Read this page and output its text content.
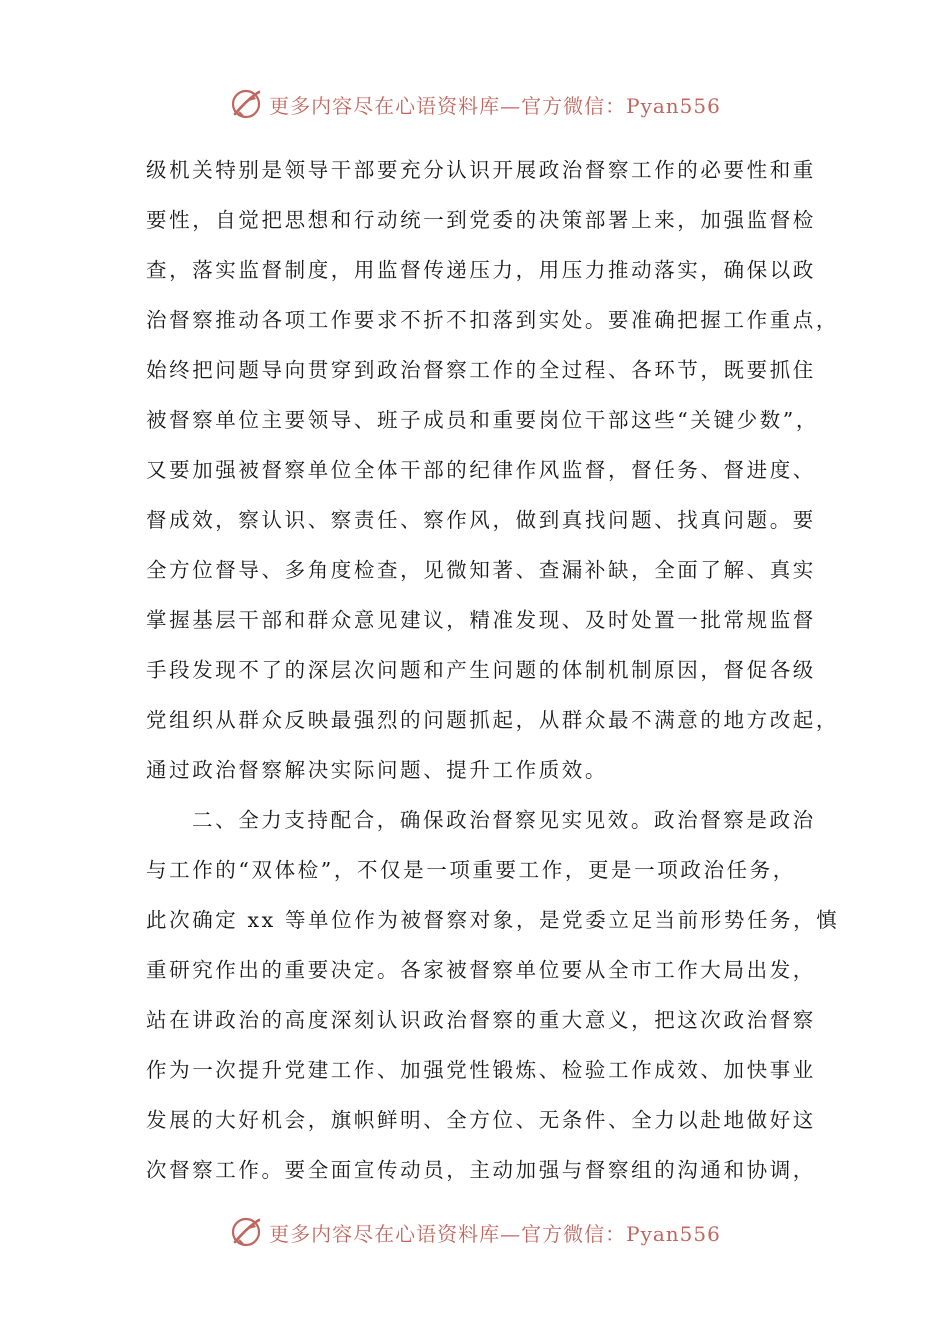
更多内容尽在心语资料库—官方微信：Pyan556
级机关特别是领导干部要充分认识开展政治督察工作的必要性和重
要性，自觉把思想和行动统一到党委的决策部署上来，加强监督检
查，落实监督制度，用监督传递压力，用压力推动落实，确保以政
治督察推动各项工作要求不折不扣落到实处。要准确把握工作重点，
始终把问题导向贯穿到政治督察工作的全过程、各环节，既要抓住
被督察单位主要领导、班子成员和重要岗位干部这些“关键少数”，
又要加强被督察单位全体干部的纪律作风监督，督任务、督进度、
督成效，察认识、察责任、察作风，做到真找问题、找真问题。要
全方位督导、多角度检查，见微知著、查漏补缺，全面了解、真实
掌握基层干部和群众意见建议，精准发现、及时处置一批常规监督
手段发现不了的深层次问题和产生问题的体制机制原因，督促各级
党组织从群众反映最强烈的问题抓起，从群众最不满意的地方改起，
通过政治督察解决实际问题、提升工作质效。
二、全力支持配合，确保政治督察见实见效。政治督察是政治
与工作的“双体检”，不仅是一项重要工作，更是一项政治任务，
此次确定 xx 等单位作为被督察对象，是党委立足当前形势任务，慎
重研究作出的重要决定。各家被督察单位要从全市工作大局出发，
站在讲政治的高度深刻认识政治督察的重大意义，把这次政治督察
作为一次提升党建工作、加强党性锻炼、检验工作成效、加快事业
发展的大好机会，旗帜鲜明、全方位、无条件、全力以赴地做好这
次督察工作。要全面宣传动员，主动加强与督察组的沟通和协调，
更多内容尽在心语资料库—官方微信：Pyan556
